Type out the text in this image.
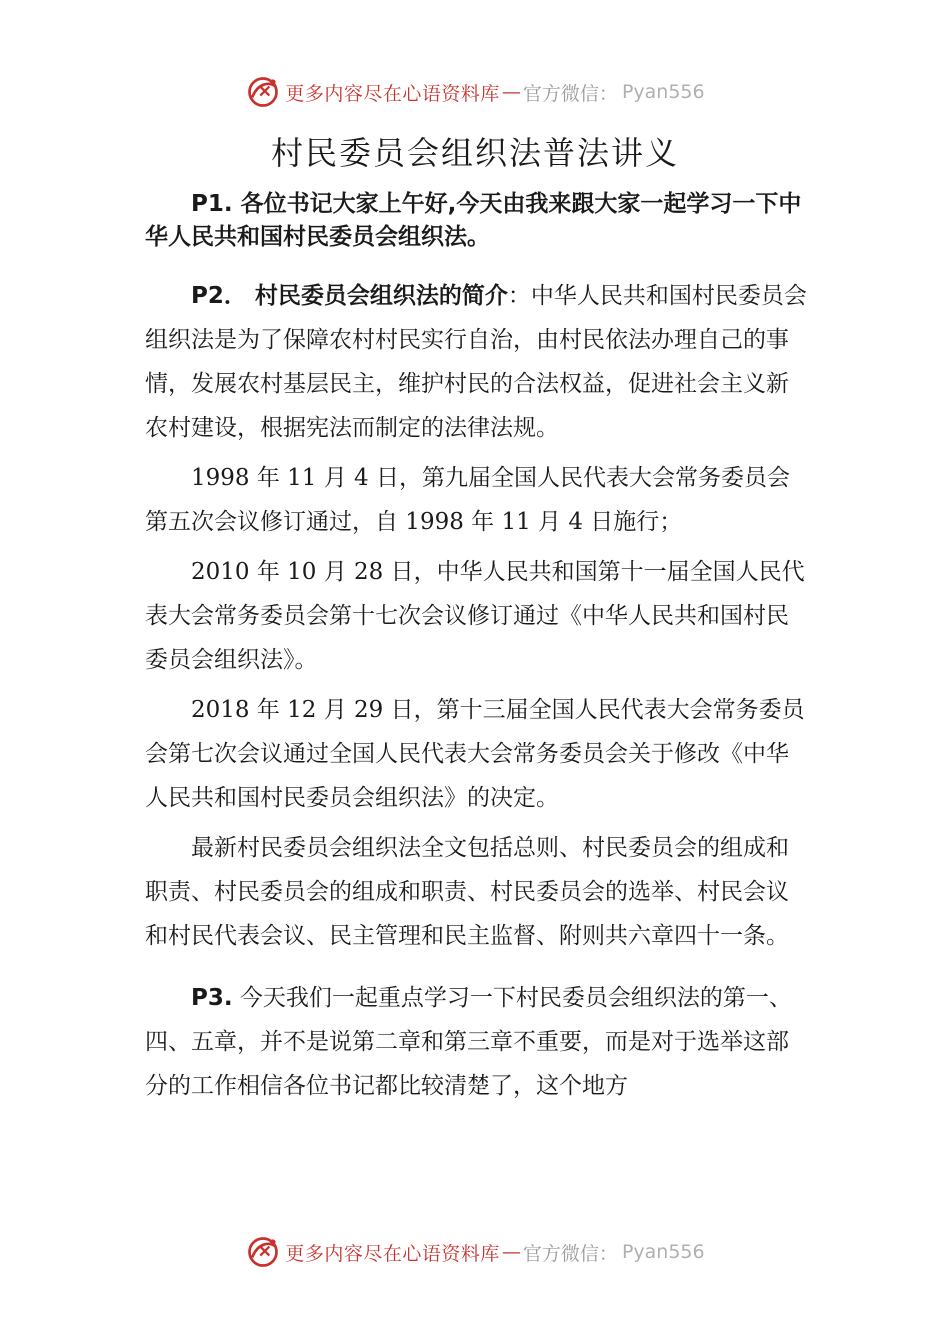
更多内容尽在心语资料库 — 官方微信： Pyan556
村民委员会组织法普法讲义

P1. 各位书记大家上午好,今天由我来跟大家一起学习一下中华人民共和国村民委员会组织法。

P2． 村民委员会组织法的简介：中华人民共和国村民委员会组织法是为了保障农村村民实行自治，由村民依法办理自己的事情，发展农村基层民主，维护村民的合法权益，促进社会主义新农村建设，根据宪法而制定的法律法规。

1998 年 11 月 4 日，第九届全国人民代表大会常务委员会第五次会议修订通过，自 1998 年 11 月 4 日施行；

2010 年 10 月 28 日，中华人民共和国第十一届全国人民代表大会常务委员会第十七次会议修订通过《中华人民共和国村民委员会组织法》。

2018 年 12 月 29 日，第十三届全国人民代表大会常务委员会第七次会议通过全国人民代表大会常务委员会关于修改《中华人民共和国村民委员会组织法》的决定。

最新村民委员会组织法全文包括总则、村民委员会的组成和职责、村民委员会的组成和职责、村民委员会的选举、村民会议和村民代表会议、民主管理和民主监督、附则共六章四十一条。

P3. 今天我们一起重点学习一下村民委员会组织法的第一、四、五章，并不是说第二章和第三章不重要，而是对于选举这部分的工作相信各位书记都比较清楚了，这个地方

更多内容尽在心语资料库 — 官方微信： Pyan556
